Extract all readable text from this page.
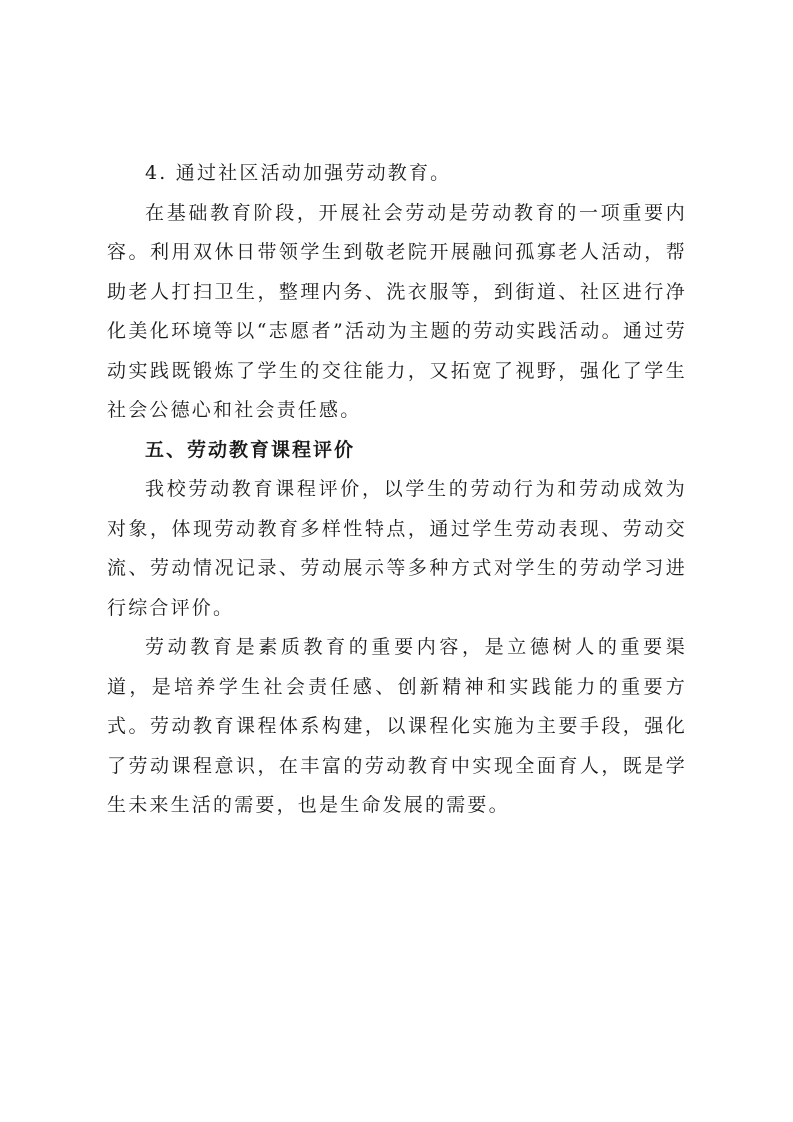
4. 通过社区活动加强劳动教育。

在基础教育阶段，开展社会劳动是劳动教育的一项重要内容。利用双休日带领学生到敬老院开展融问孤寡老人活动，帮助老人打扫卫生，整理内务、洗衣服等，到街道、社区进行净化美化环境等以“志愿者”活动为主题的劳动实践活动。通过劳动实践既锻炼了学生的交往能力，又拓宽了视野，强化了学生社会公德心和社会责任感。

五、劳动教育课程评价

我校劳动教育课程评价，以学生的劳动行为和劳动成效为对象，体现劳动教育多样性特点，通过学生劳动表现、劳动交流、劳动情况记录、劳动展示等多种方式对学生的劳动学习进行综合评价。

劳动教育是素质教育的重要内容，是立德树人的重要渠道，是培养学生社会责任感、创新精神和实践能力的重要方式。劳动教育课程体系构建，以课程化实施为主要手段，强化了劳动课程意识，在丰富的劳动教育中实现全面育人，既是学生未来生活的需要，也是生命发展的需要。
